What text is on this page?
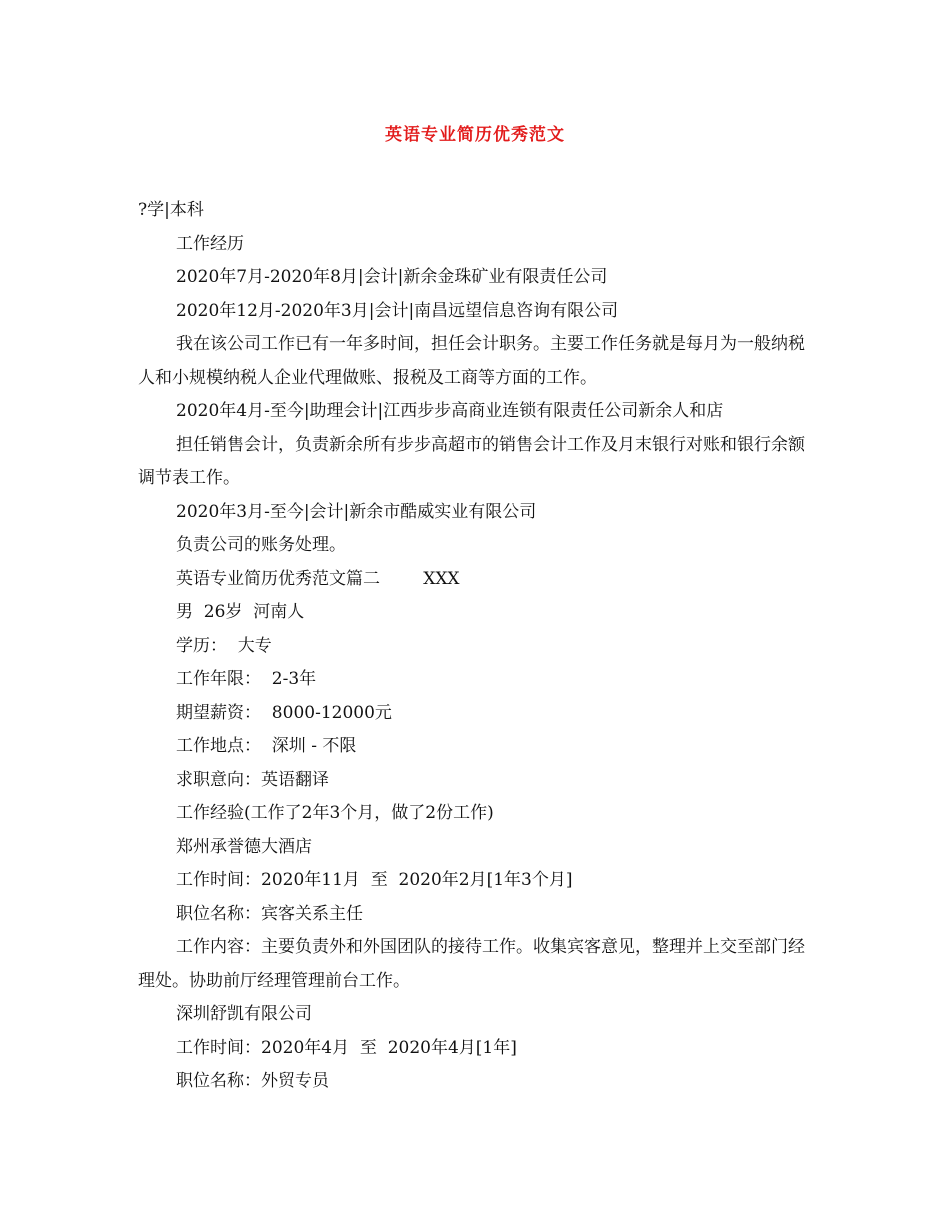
英语专业简历优秀范文

?学|本科

工作经历

2020年7月-2020年8月|会计|新余金珠矿业有限责任公司

2020年12月-2020年3月|会计|南昌远望信息咨询有限公司

我在该公司工作已有一年多时间，担任会计职务。主要工作任务就是每月为一般纳税人和小规模纳税人企业代理做账、报税及工商等方面的工作。

2020年4月-至今|助理会计|江西步步高商业连锁有限责任公司新余人和店

担任销售会计，负责新余所有步步高超市的销售会计工作及月末银行对账和银行余额调节表工作。

2020年3月-至今|会计|新余市酷威实业有限公司

负责公司的账务处理。

英语专业简历优秀范文篇二        XXX

男  26岁  河南人

学历：  大专

工作年限：  2-3年

期望薪资：  8000-12000元

工作地点：  深圳 - 不限

求职意向：英语翻译

工作经验(工作了2年3个月，做了2份工作)

郑州承誉德大酒店

工作时间：2020年11月  至  2020年2月[1年3个月]

职位名称：宾客关系主任

工作内容：主要负责外和外国团队的接待工作。收集宾客意见，整理并上交至部门经理处。协助前厅经理管理前台工作。

深圳舒凯有限公司

工作时间：2020年4月  至  2020年4月[1年]

职位名称：外贸专员
